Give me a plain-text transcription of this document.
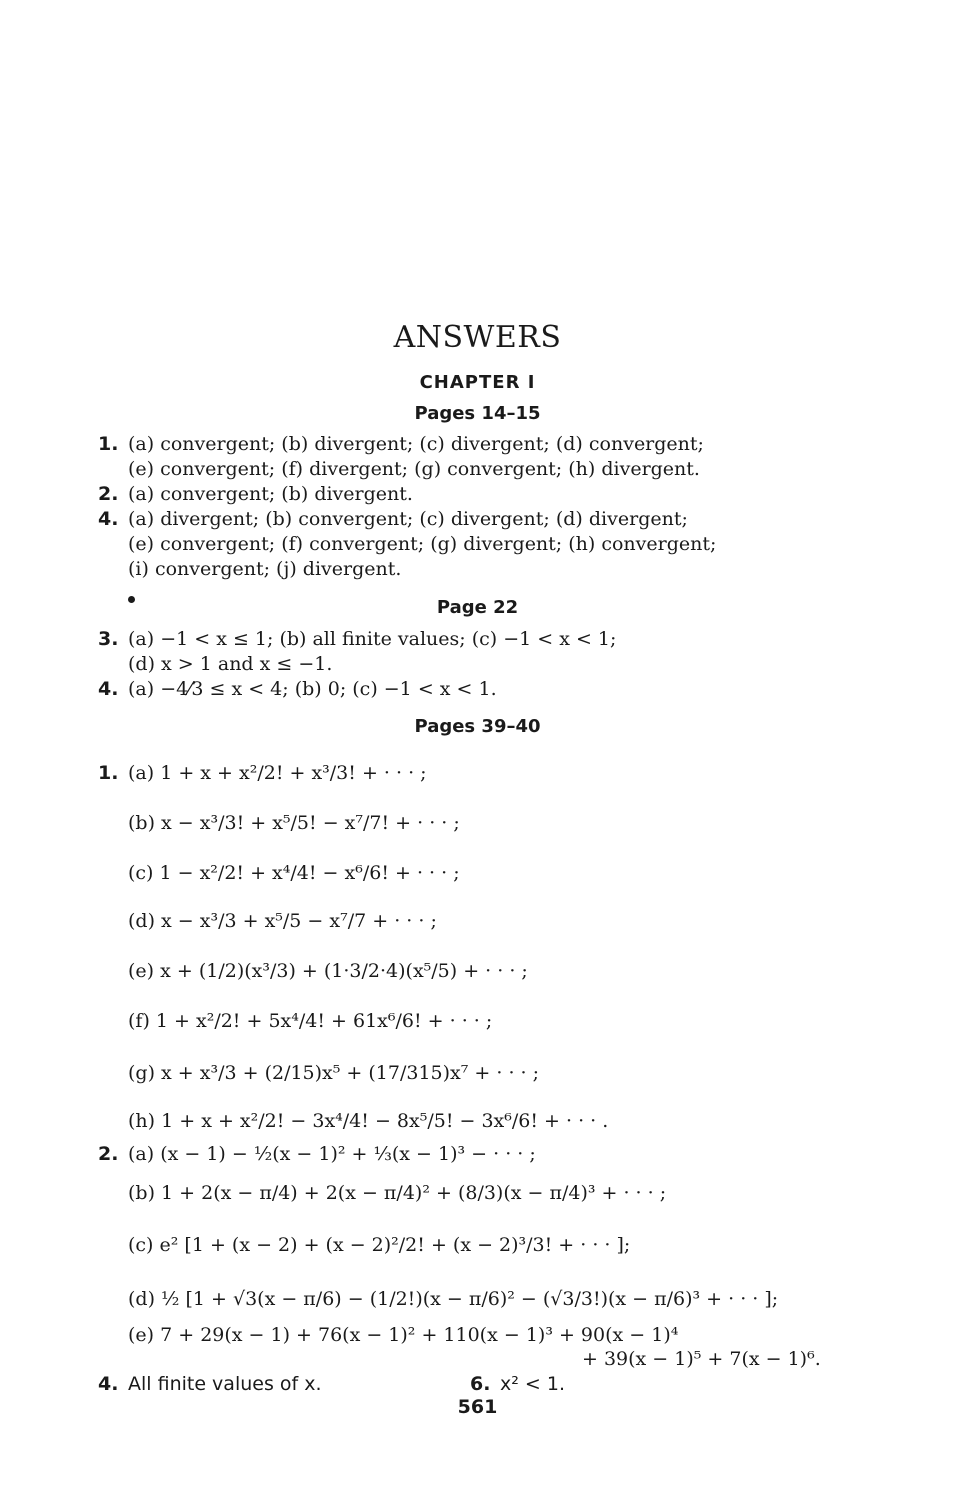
ANSWERS
CHAPTER I
Pages 14–15
1. (a) convergent; (b) divergent; (c) divergent; (d) convergent;
(e) convergent; (f) divergent; (g) convergent; (h) divergent.
2. (a) convergent; (b) divergent.
4. (a) divergent; (b) convergent; (c) divergent; (d) divergent;
(e) convergent; (f) convergent; (g) divergent; (h) convergent;
(i) convergent; (j) divergent.
Page 22
3. (a) −1 < x ≤ 1; (b) all finite values; (c) −1 < x < 1;
(d) x > 1 and x ≤ −1.
4. (a) −4⁄3 ≤ x < 4; (b) 0; (c) −1 < x < 1.
Pages 39–40
1. (a) 1 + x + x²/2! + x³/3! + · · · ;
(b) x − x³/3! + x⁵/5! − x⁷/7! + · · · ;
(c) 1 − x²/2! + x⁴/4! − x⁶/6! + · · · ;
(d) x − x³/3 + x⁵/5 − x⁷/7 + · · · ;
(e) x + (1/2)(x³/3) + (1·3/2·4)(x⁵/5) + · · · ;
(f) 1 + x²/2! + 5x⁴/4! + 61x⁶/6! + · · · ;
(g) x + x³/3 + (2/15)x⁵ + (17/315)x⁷ + · · · ;
(h) 1 + x + x²/2! − 3x⁴/4! − 8x⁵/5! − 3x⁶/6! + · · · .
2. (a) (x − 1) − ½(x − 1)² + ⅓(x − 1)³ − · · · ;
(b) 1 + 2(x − π/4) + 2(x − π/4)² + (8/3)(x − π/4)³ + · · · ;
(c) e² [1 + (x − 2) + (x − 2)²/2! + (x − 2)³/3! + · · · ];
(d) ½ [1 + √3(x − π/6) − (1/2!)(x − π/6)² − (√3/3!)(x − π/6)³ + · · · ];
(e) 7 + 29(x − 1) + 76(x − 1)² + 110(x − 1)³ + 90(x − 1)⁴
+ 39(x − 1)⁵ + 7(x − 1)⁶.
4. All finite values of x.	6. x² < 1.
561
